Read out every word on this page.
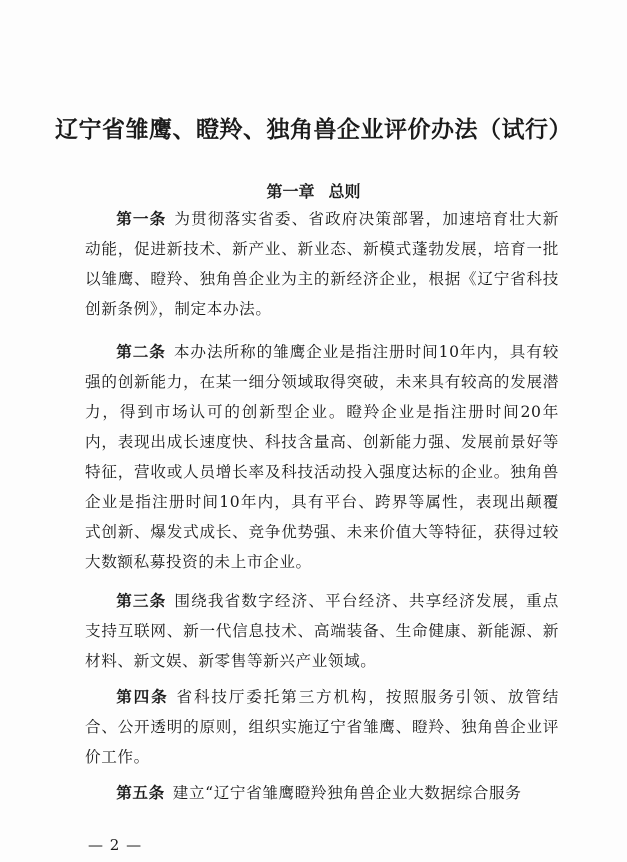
辽宁省雏鹰、瞪羚、独角兽企业评价办法（试行）
第一章 总则

第一条 为贯彻落实省委、省政府决策部署，加速培育壮大新动能，促进新技术、新产业、新业态、新模式蓬勃发展，培育一批以雏鹰、瞪羚、独角兽企业为主的新经济企业，根据《辽宁省科技创新条例》，制定本办法。

第二条 本办法所称的雏鹰企业是指注册时间10年内，具有较强的创新能力，在某一细分领域取得突破，未来具有较高的发展潜力，得到市场认可的创新型企业。瞪羚企业是指注册时间20年内，表现出成长速度快、科技含量高、创新能力强、发展前景好等特征，营收或人员增长率及科技活动投入强度达标的企业。独角兽企业是指注册时间10年内，具有平台、跨界等属性，表现出颠覆式创新、爆发式成长、竞争优势强、未来价值大等特征，获得过较大数额私募投资的未上市企业。

第三条 围绕我省数字经济、平台经济、共享经济发展，重点支持互联网、新一代信息技术、高端装备、生命健康、新能源、新材料、新文娱、新零售等新兴产业领域。

第四条 省科技厅委托第三方机构，按照服务引领、放管结合、公开透明的原则，组织实施辽宁省雏鹰、瞪羚、独角兽企业评价工作。

第五条 建立“辽宁省雏鹰瞪羚独角兽企业大数据综合服务

— 2 —
